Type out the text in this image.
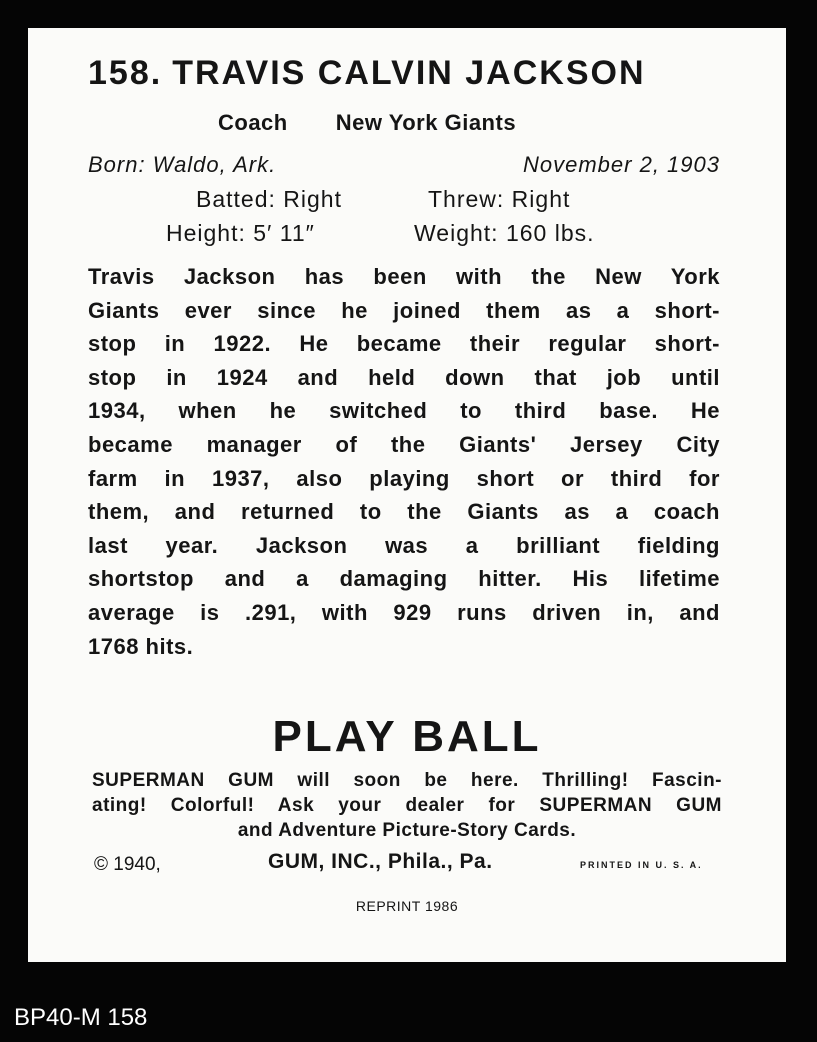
158. TRAVIS CALVIN JACKSON
Coach New York Giants
Born: Waldo, Ark.	November 2, 1903
Batted: Right	Threw: Right
Height: 5′ 11″	Weight: 160 lbs.
Travis Jackson has been with the New York
Giants ever since he joined them as a short-
stop in 1922. He became their regular short-
stop in 1924 and held down that job until
1934, when he switched to third base. He
became manager of the Giants' Jersey City
farm in 1937, also playing short or third for
them, and returned to the Giants as a coach
last year. Jackson was a brilliant fielding
shortstop and a damaging hitter. His lifetime
average is .291, with 929 runs driven in, and
1768 hits.
PLAY BALL
SUPERMAN GUM will soon be here. Thrilling! Fascin-
ating! Colorful! Ask your dealer for SUPERMAN GUM
and Adventure Picture-Story Cards.
© 1940,	GUM, INC., Phila., Pa.	PRINTED IN U. S. A.
REPRINT 1986
BP40-M 158
